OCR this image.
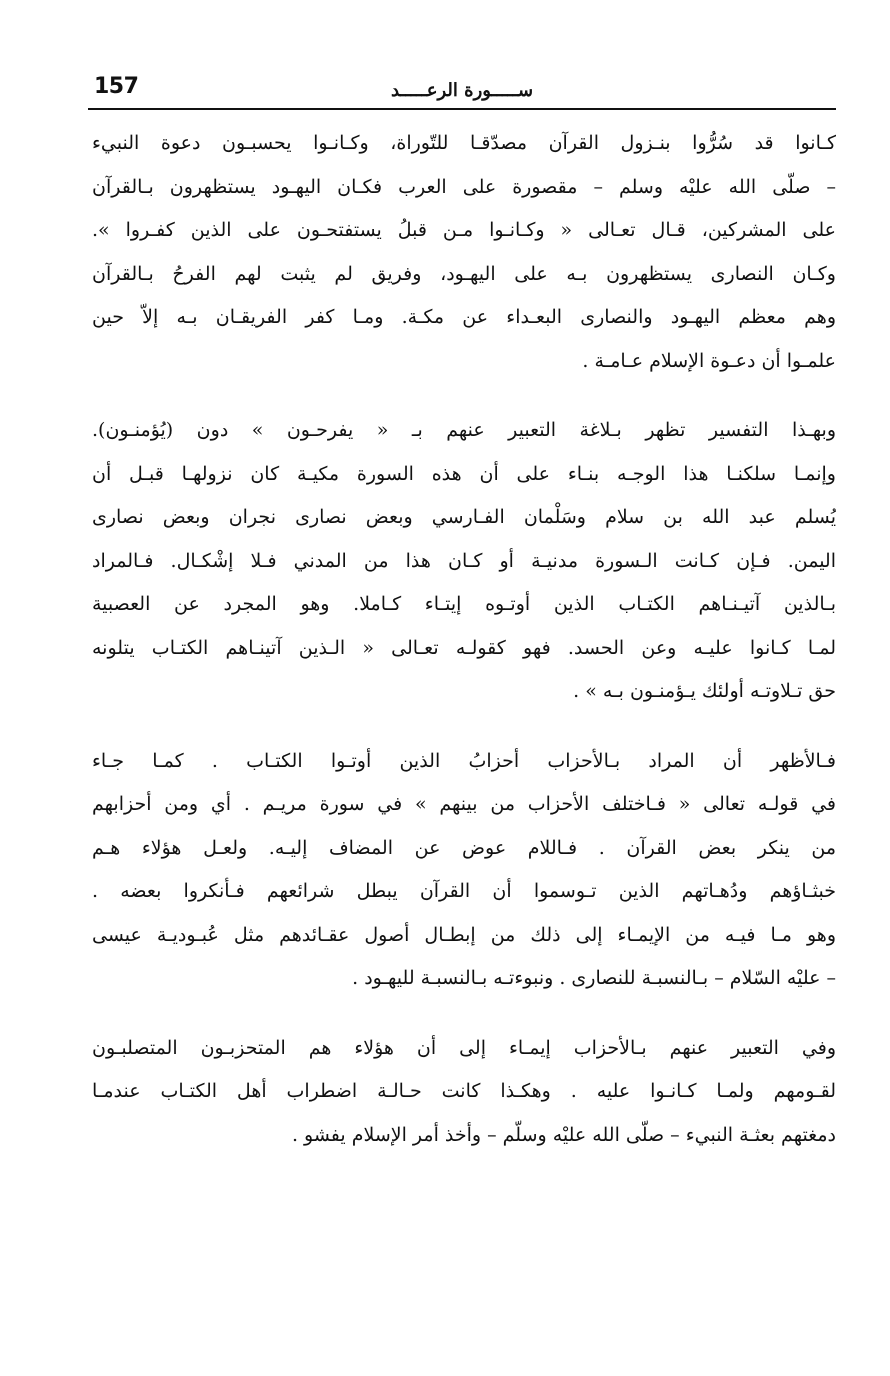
157	ســـــورة الرعـــــد
كـانوا قد سُرُّوا بنـزول القرآن مصدّقـا للتّوراة، وكـانـوا يحسبـون دعوة النبيء
– صلّى الله عليْه وسلم – مقصورة على العرب فكـان اليهـود يستظهرون بـالقرآن
على المشركين، قـال تعـالى « وكـانـوا مـن قبلُ يستفتحـون على الذين كفـروا ».
وكـان النصارى يستظهرون بـه على اليهـود، وفريق لم يثبت لهم الفرحُ بـالقرآن
وهم معظم اليهـود والنصارى البعـداء عن مكـة. ومـا كفر الفريقـان بـه إلاّ حين
علمـوا أن دعـوة الإسلام عـامـة .
وبهـذا التفسير تظهر بـلاغة التعبير عنهم بـ « يفرحـون » دون (يُؤمنـون).
وإنمـا سلكنـا هذا الوجـه بنـاء على أن هذه السورة مكيـة كان نزولهـا قبـل أن
يُسلم عبد الله بن سلام وسَلْمان الفـارسي وبعض نصارى نجران وبعض نصارى
اليمن. فـإن كـانت الـسورة مدنيـة أو كـان هذا من المدني فـلا إشْكـال. فـالمراد
بـالذين آتيـنـاهم الكتـاب الذين أوتـوه إيتـاء كـاملا. وهو المجرد عن العصبية
لمـا كـانوا عليـه وعن الحسد. فهو كقولـه تعـالى « الـذين آتينـاهم الكتـاب يتلونه
حق تـلاوتـه أولئك يـؤمنـون بـه » .
فـالأظهر أن المراد بـالأحزاب أحزابُ الذين أوتـوا الكتـاب . كمـا جـاء
في قولـه تعالى « فـاختلف الأحزاب من بينهم » في سورة مريـم . أي ومن أحزابهم
من ينكر بعض القرآن . فـاللام عوض عن المضاف إليـه. ولعـل هؤلاء هـم
خبثـاؤهم ودُهـاتهم الذين تـوسموا أن القرآن يبطل شرائعهم فـأنكروا بعضه .
وهو مـا فيـه من الإيمـاء إلى ذلك من إبطـال أصول عقـائدهم مثل عُبـوديـة عيسى
– عليْه السّلام – بـالنسبـة للنصارى . ونبوءتـه بـالنسبـة لليهـود .
وفي التعبير عنهم بـالأحزاب إيمـاء إلى أن هؤلاء هم المتحزبـون المتصلبـون
لقـومهم ولمـا كـانـوا عليه . وهكـذا كانت حـالـة اضطراب أهل الكتـاب عندمـا
دمغتهم بعثـة النبيء – صلّى الله عليْه وسلّم – وأخذ أمر الإسلام يفشو .
